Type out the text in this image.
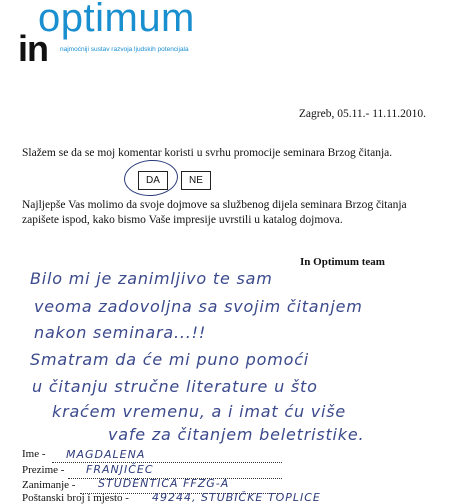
optimum
in najmoćniji sustav razvoja ljudskih potencijala
Zagreb, 05.11.- 11.11.2010.
Slažem se da se moj komentar koristi u svrhu promocije seminara Brzog čitanja.
DA	NE
Najljepše Vas molimo da svoje dojmove sa službenog dijela seminara Brzog čitanja zapišete ispod, kako bismo Vaše impresije uvrstili u katalog dojmova.
In Optimum team
Bilo mi je zanimljivo te sam
veoma zadovoljna sa svojim čitanjem
nakon seminara...!!
Smatram da će mi puno pomoći
u čitanju stručne literature u što
kraćem vremenu, a i imat ću više
vafe za čitanjem beletristike.
Ime - MAGDALENA
Prezime - FRANJIČEC
Zanimanje - STUDENTICA FFZG-A
Poštanski broj i mjesto - 49244, STUBIČKE TOPLICE
